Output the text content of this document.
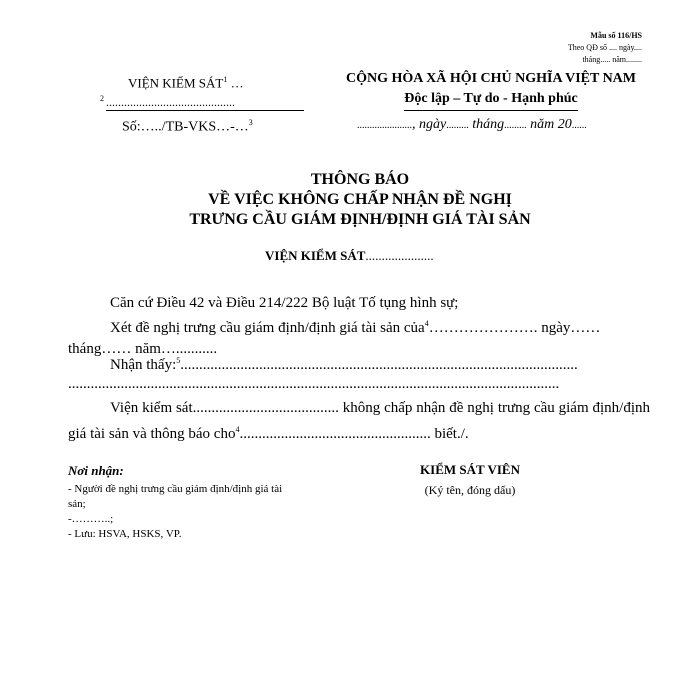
Mẫu số 116/HS
Theo QĐ số .... ngày....
tháng..... năm........
VIỆN KIỂM SÁT$^1$ …
$^2$ ...........................................
Số:…../TB-VKS…-…$^3$
CỘNG HÒA XÃ HỘI CHỦ NGHĨA VIỆT NAM
Độc lập – Tự do - Hạnh phúc
......................, ngày......... tháng......... năm 20......
THÔNG BÁO
VỀ VIỆC KHÔNG CHẤP NHẬN ĐỀ NGHỊ
TRƯNG CẦU GIÁM ĐỊNH/ĐỊNH GIÁ TÀI SẢN
VIỆN KIỂM SÁT.....................
Căn cứ Điều 42 và Điều 214/222 Bộ luật Tố tụng hình sự;
Xét đề nghị trưng cầu giám định/định giá tài sản của$^4$…………………. ngày…… tháng…… năm…...........
Nhận thấy:$^5$..........................................................................................................
...................................................................................................................................
Viện kiểm sát....................................... không chấp nhận đề nghị trưng cầu giám định/định giá tài sản và thông báo cho$^4$................................................... biết./.
Nơi nhận:
- Người đề nghị trưng cầu giám định/định giá tài sản;
-………..;
- Lưu: HSVA, HSKS, VP.
KIỂM SÁT VIÊN
(Ký tên, đóng dấu)
